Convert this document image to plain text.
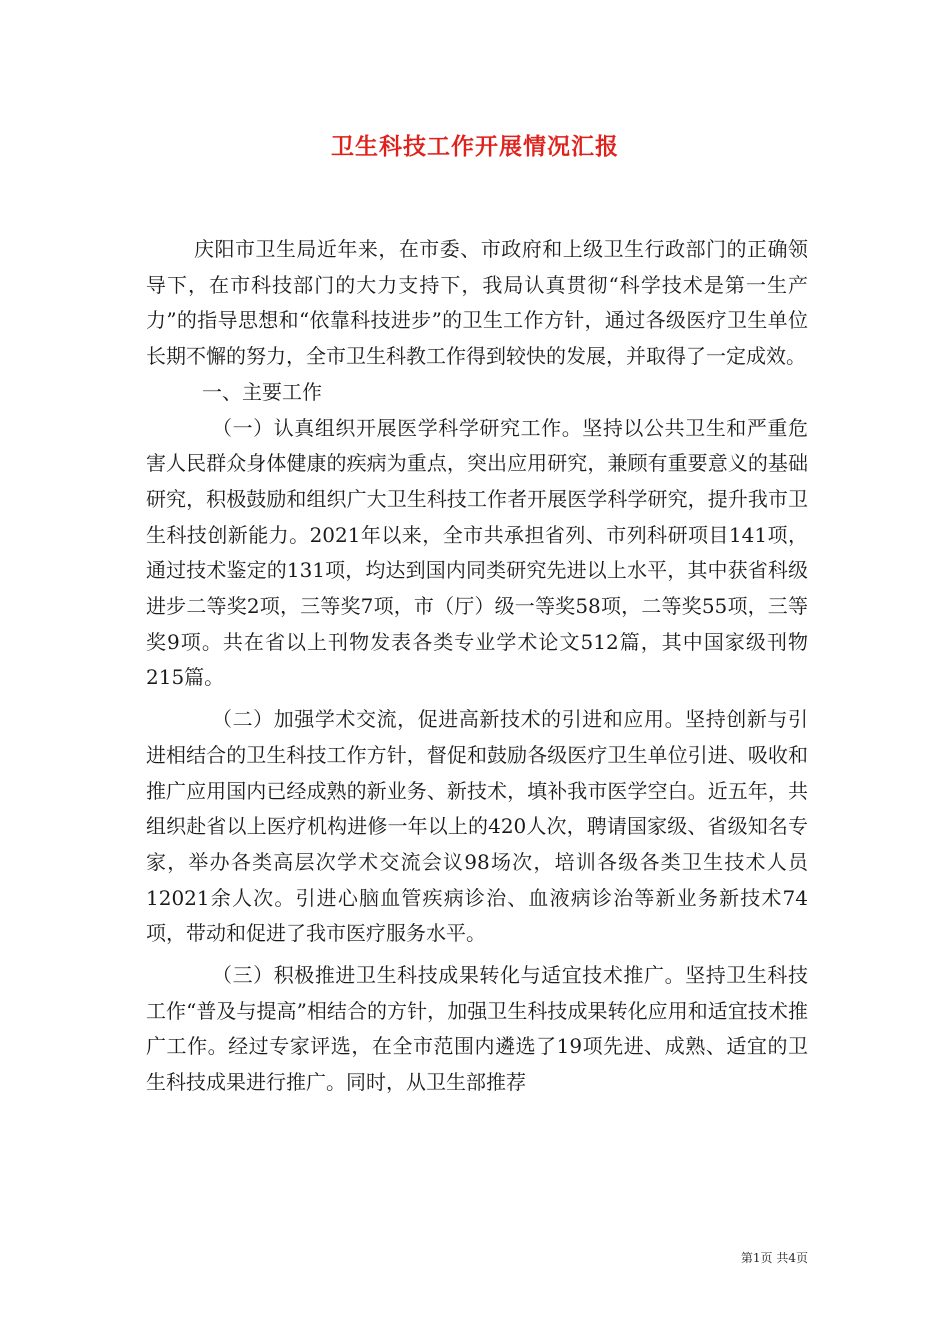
卫生科技工作开展情况汇报

庆阳市卫生局近年来，在市委、市政府和上级卫生行政部门的正确领导下，在市科技部门的大力支持下，我局认真贯彻“科学技术是第一生产力”的指导思想和“依靠科技进步”的卫生工作方针，通过各级医疗卫生单位长期不懈的努力，全市卫生科教工作得到较快的发展，并取得了一定成效。

一、主要工作

（一）认真组织开展医学科学研究工作。坚持以公共卫生和严重危害人民群众身体健康的疾病为重点，突出应用研究，兼顾有重要意义的基础研究，积极鼓励和组织广大卫生科技工作者开展医学科学研究，提升我市卫生科技创新能力。2021年以来，全市共承担省列、市列科研项目141项，通过技术鉴定的131项，均达到国内同类研究先进以上水平，其中获省科级进步二等奖2项，三等奖7项，市（厅）级一等奖58项，二等奖55项，三等奖9项。共在省以上刊物发表各类专业学术论文512篇，其中国家级刊物215篇。

（二）加强学术交流，促进高新技术的引进和应用。坚持创新与引进相结合的卫生科技工作方针，督促和鼓励各级医疗卫生单位引进、吸收和推广应用国内已经成熟的新业务、新技术，填补我市医学空白。近五年，共组织赴省以上医疗机构进修一年以上的420人次，聘请国家级、省级知名专家，举办各类高层次学术交流会议98场次，培训各级各类卫生技术人员12021余人次。引进心脑血管疾病诊治、血液病诊治等新业务新技术74项，带动和促进了我市医疗服务水平。

（三）积极推进卫生科技成果转化与适宜技术推广。坚持卫生科技工作“普及与提高”相结合的方针，加强卫生科技成果转化应用和适宜技术推广工作。经过专家评选，在全市范围内遴选了19项先进、成熟、适宜的卫生科技成果进行推广。同时，从卫生部推荐

第1页 共4页
